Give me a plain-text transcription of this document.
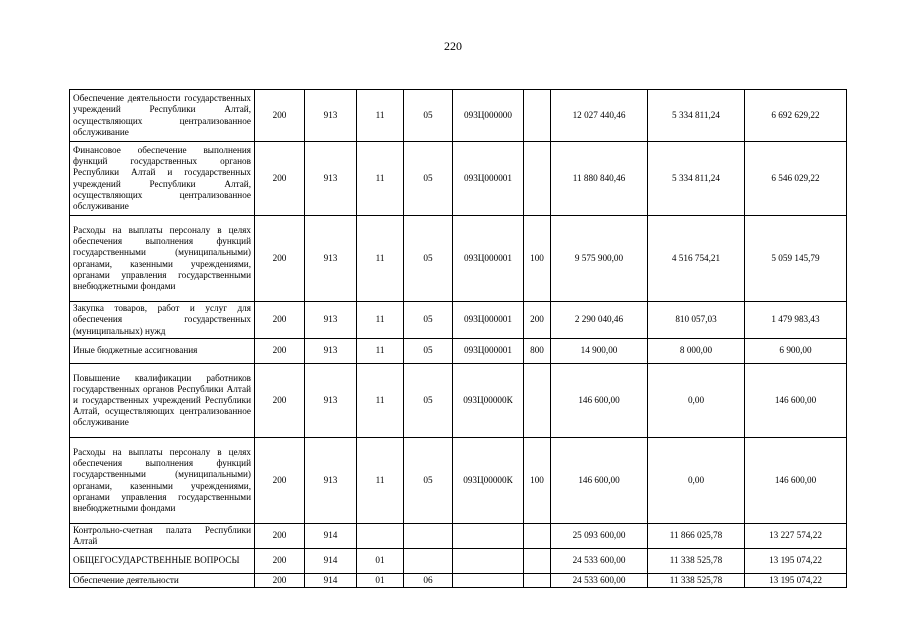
220
Обеспечение деятельности государственных учреждений Республики Алтай, осуществляющих централизованное обслуживание	200	913	11	05	093Ц000000		12 027 440,46	5 334 811,24	6 692 629,22
Финансовое обеспечение выполнения функций государственных органов Республики Алтай и государственных учреждений Республики Алтай, осуществляющих централизованное обслуживание	200	913	11	05	093Ц000001		11 880 840,46	5 334 811,24	6 546 029,22
Расходы на выплаты персоналу в целях обеспечения выполнения функций государственными (муниципальными) органами, казенными учреждениями, органами управления государственными внебюджетными фондами	200	913	11	05	093Ц000001	100	9 575 900,00	4 516 754,21	5 059 145,79
Закупка товаров, работ и услуг для обеспечения государственных (муниципальных) нужд	200	913	11	05	093Ц000001	200	2 290 040,46	810 057,03	1 479 983,43
Иные бюджетные ассигнования	200	913	11	05	093Ц000001	800	14 900,00	8 000,00	6 900,00
Повышение квалификации работников государственных органов Республики Алтай и государственных учреждений Республики Алтай, осуществляющих централизованное обслуживание	200	913	11	05	093Ц00000К		146 600,00	0,00	146 600,00
Расходы на выплаты персоналу в целях обеспечения выполнения функций государственными (муниципальными) органами, казенными учреждениями, органами управления государственными внебюджетными фондами	200	913	11	05	093Ц00000К	100	146 600,00	0,00	146 600,00
Контрольно-счетная палата Республики Алтай	200	914					25 093 600,00	11 866 025,78	13 227 574,22
ОБЩЕГОСУДАРСТВЕННЫЕ ВОПРОСЫ	200	914	01				24 533 600,00	11 338 525,78	13 195 074,22
Обеспечение деятельности	200	914	01	06			24 533 600,00	11 338 525,78	13 195 074,22
